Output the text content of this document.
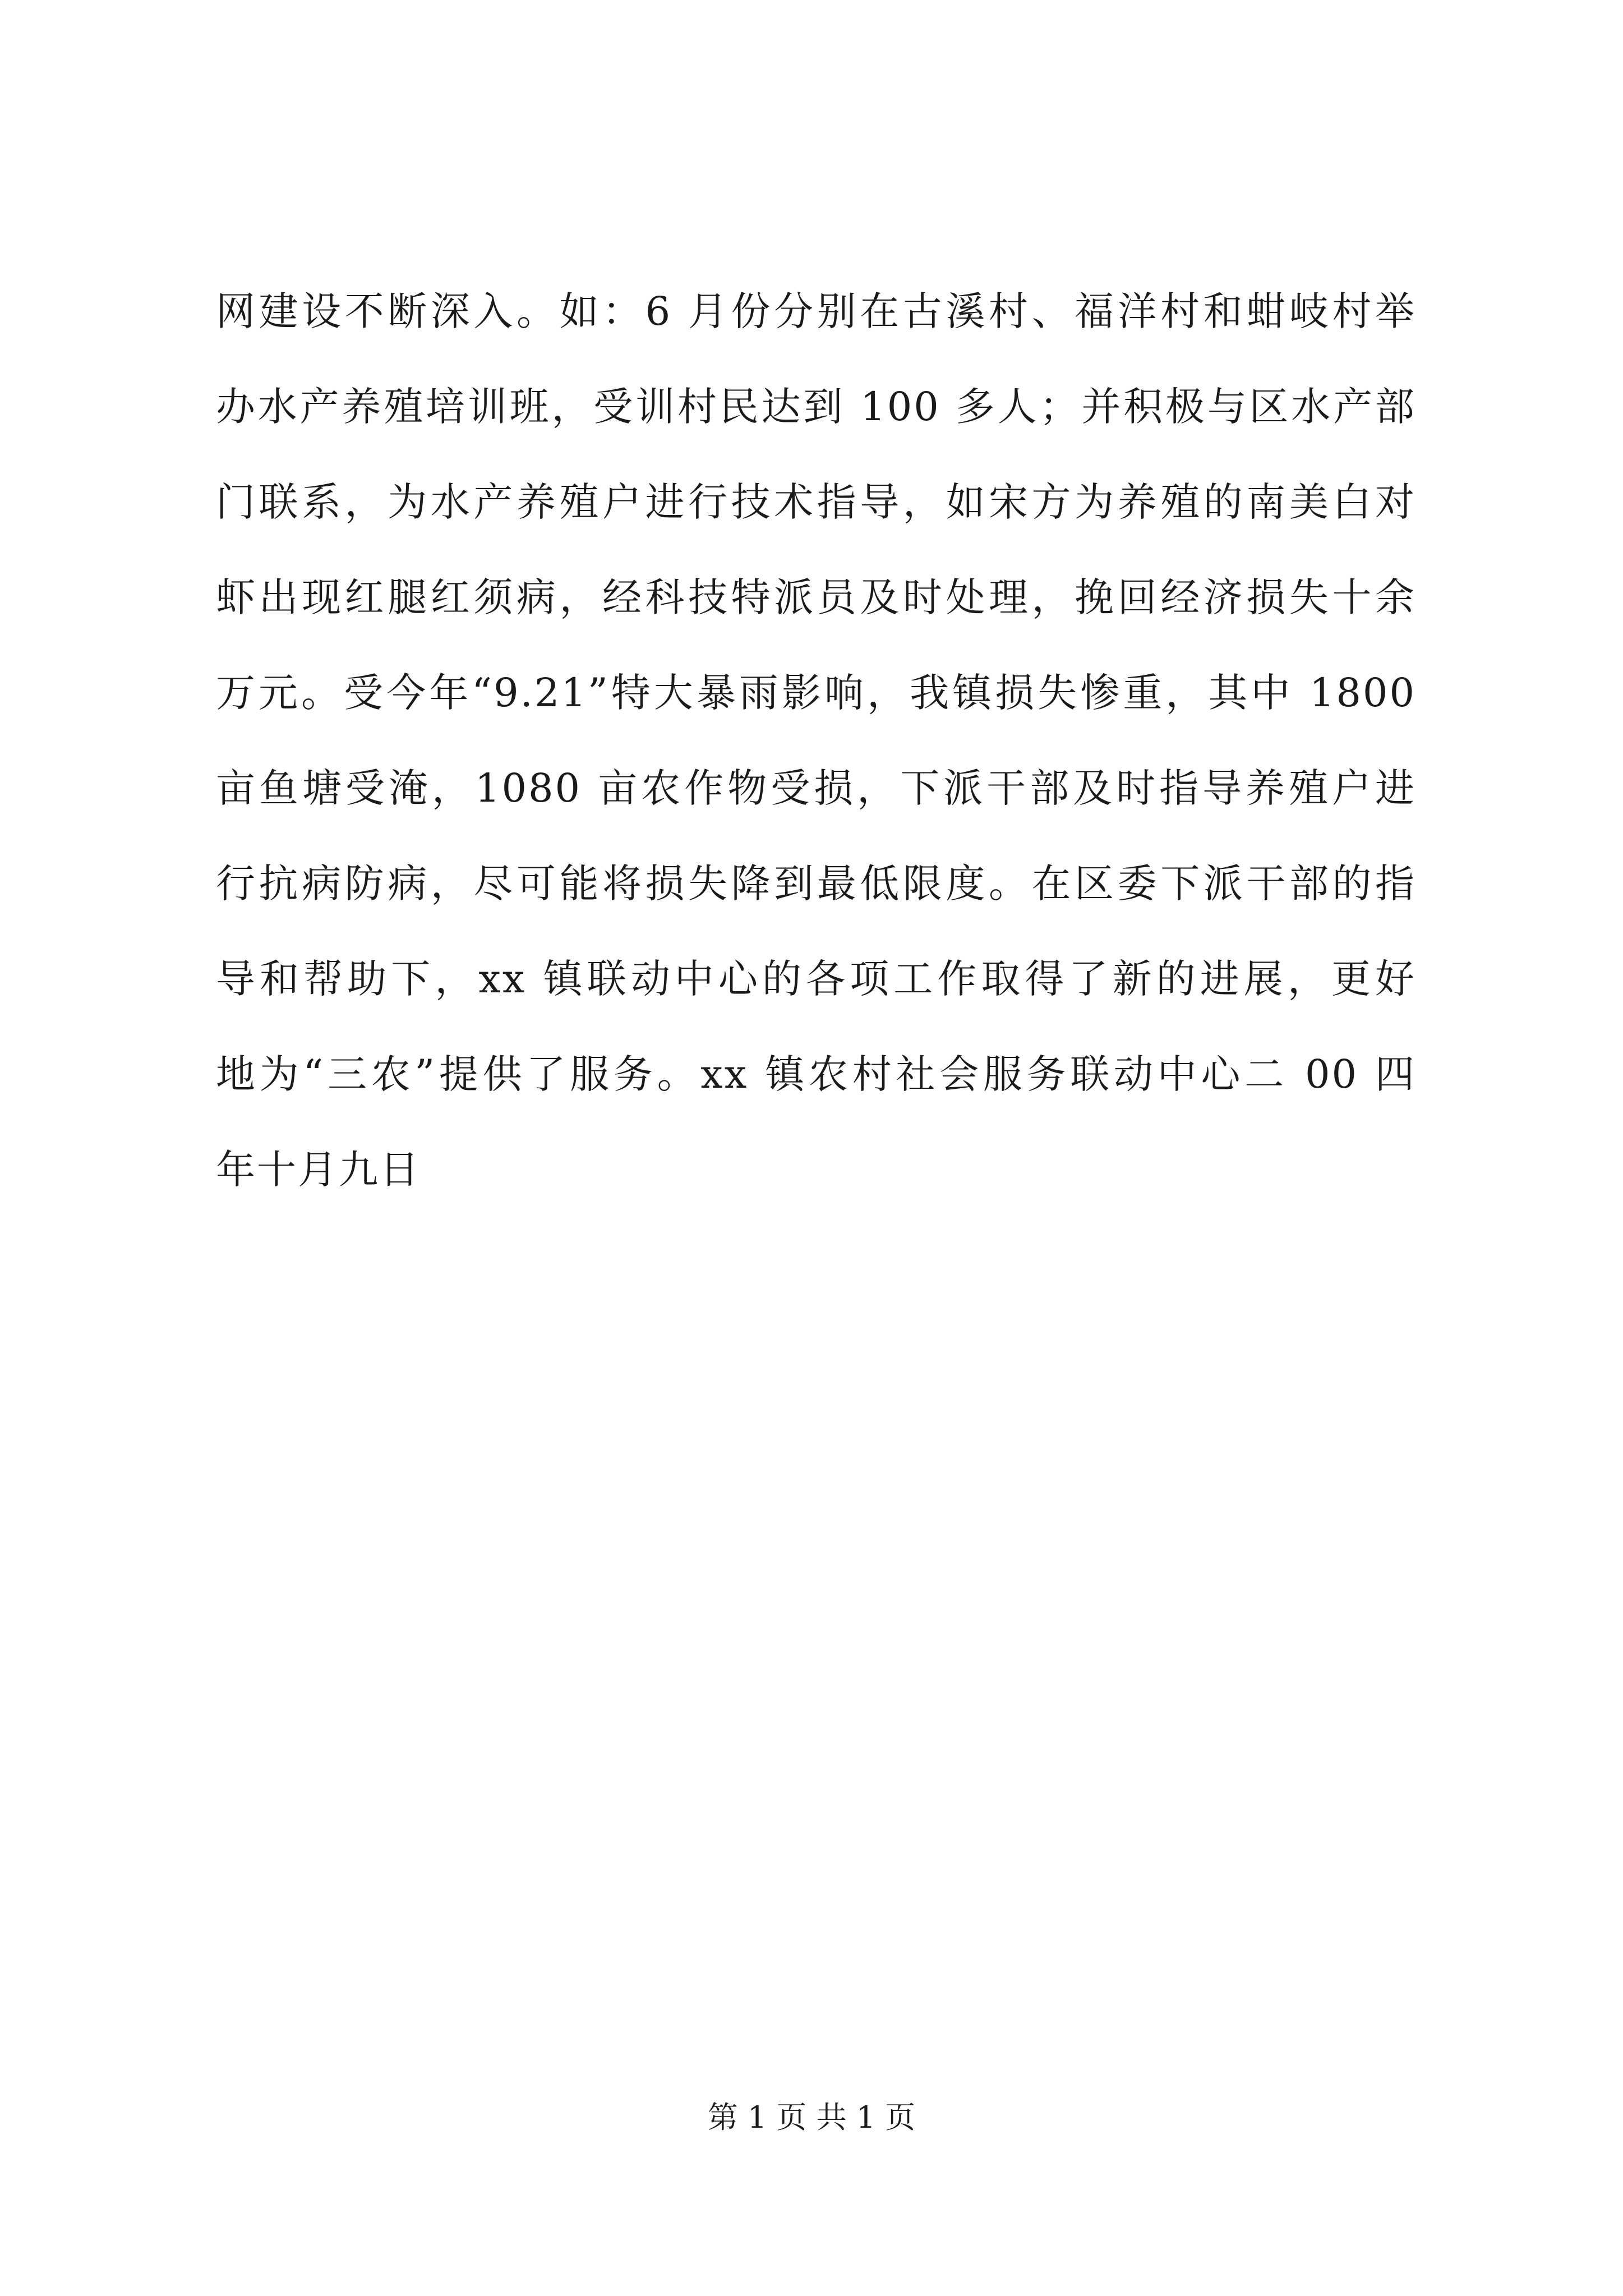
网建设不断深入。如：6 月份分别在古溪村、福洋村和蚶岐村举
办水产养殖培训班，受训村民达到 100 多人；并积极与区水产部
门联系，为水产养殖户进行技术指导，如宋方为养殖的南美白对
虾出现红腿红须病，经科技特派员及时处理，挽回经济损失十余
万元。受今年“9.21”特大暴雨影响，我镇损失惨重，其中 1800
亩鱼塘受淹，1080 亩农作物受损，下派干部及时指导养殖户进
行抗病防病，尽可能将损失降到最低限度。在区委下派干部的指
导和帮助下，xx 镇联动中心的各项工作取得了新的进展，更好
地为“三农”提供了服务。xx 镇农村社会服务联动中心二 00 四
年十月九日
第 1 页 共 1 页
